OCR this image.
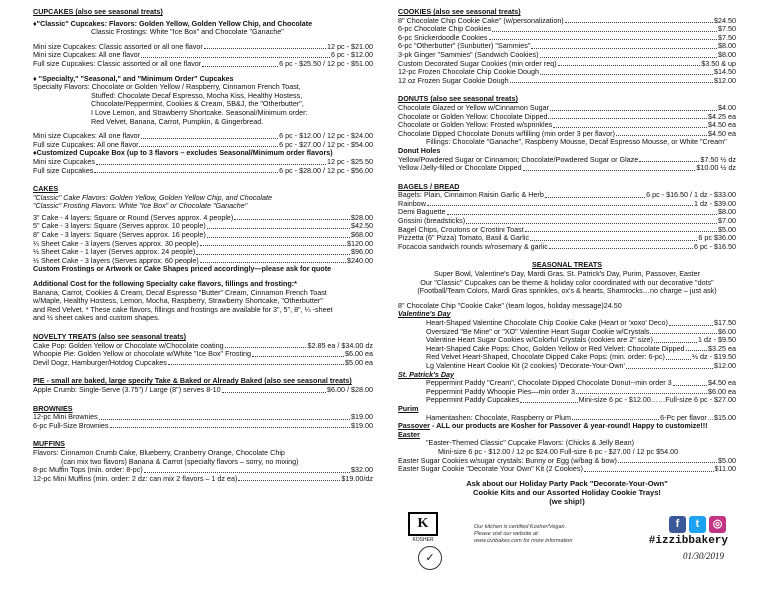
CUPCAKES (also see seasonal treats)
♦"Classic" Cupcakes: Flavors: Golden Yellow, Golden Yellow Chip, and Chocolate
Classic Frostings: White "Ice Box" and Chocolate "Ganache"
Mini size Cupcakes: Classic assorted or all one flavor	12 pc - $21.00
Mini size Cupcakes: All one flavor	6 pc - $12.00
Full size Cupcakes: Classic assorted or all one flavor	6 pc - $25.50 / 12 pc - $51.00
♦ "Specialty," "Seasonal," and "Minimum Order" Cupcakes
Specialty Flavors: Chocolate or Golden Yellow / Raspberry, Cinnamon French Toast,
Stuffed: Chocolate Decaf Espresso, Mocha Kiss, Healthy Hostess,
Chocolate/Peppermint, Cookies & Cream, SB&J, the "Otherbutter",
I Love Lemon, and Strawberry Shortcake. Seasonal/Minimum order:
Red Velvet, Banana, Carrot, Pumpkin, & Gingerbread.
Mini size Cupcakes: All one flavor	6 pc - $12.00 / 12 pc - $24.00
Full size Cupcakes: All one flavor	6 pc - $27.00 / 12 pc - $54.00
♦Customized Cupcake Box (up to 3 flavors – excludes Seasonal/Minimum order flavors)
Mini size Cupcakes	12 pc - $25.50
Full size Cupcakes	6 pc - $28.00 / 12 pc - $56.00
CAKES
"Classic" Cake Flavors: Golden Yellow, Golden Yellow Chip, and Chocolate
"Classic" Frosting Flavors: White "Ice Box" or Chocolate "Ganache"
3" Cake - 4 layers: Square or Round (Serves approx. 4 people)	$28.00
5" Cake - 3 layers: Square (Serves approx. 10 people)	$42.50
8" Cake - 3 layers: Square (Serves approx. 16 people)	$68.00
¼ Sheet Cake - 3 layers (Serves approx. 30 people)	$120.00
½ Sheet Cake - 1 layer (Serves approx. 24 people)	$96.00
½ Sheet Cake - 3 layers (Serves approx. 60 people)	$240.00
Custom Frostings or Artwork or Cake Shapes priced accordingly—please ask for quote
Additional Cost for the following Specialty cake flavors, fillings and frosting:*
Banana, Carrot, Cookies & Cream, Decaf Espresso "Butter" Cream, Cinnamon French Toast
w/Maple, Healthy Hostess, Lemon, Mocha, Raspberry, Strawberry Shortcake, "Otherbutter"
and Red Velvet. * These cake flavors, fillings and frostings are available for 3", 5", 8", ¼ -sheet
and ½ sheet cakes and custom shapes.
NOVELTY TREATS (also see seasonal treats)
Cake Pop: Golden Yellow or Chocolate w/Chocolate coating	$2.85 ea / $34.00 dz
Whoopie Pie: Golden Yellow or chocolate w/White "Ice Box" Frosting	$6.00 ea
Devil Dogz, Hamburger/Hotdog Cupcakes	$5.00 ea
PIE - small are baked, large specify Take & Baked or Already Baked (also see seasonal treats)
Apple Crumb: Single-Serve (3.75") / Large (8") serves 8-10	$6.00 / $28.00
BROWNIES
12-pc Mini Brownies	$19.00
6-pc Full-Size Brownies	$19.00
MUFFINS
Flavors: Cinnamon Crumb Cake, Blueberry, Cranberry Orange, Chocolate Chip
(can mix two flavors) Banana & Carrot (specialty flavors – sorry, no mixing)
8-pc Muffin Tops (min. order: 8-pc)	$32.00
12-pc Mini Muffins (min. order: 2 dz: can mix 2 flavors – 1 dz ea)	$19.00/dz
COOKIES (also see seasonal treats)
8" Chocolate Chip Cookie Cake" (w/personalization)	$24.50
6-pc Chocolate Chip Cookies	$7.50
6-pc Snickerdoodle Cookies	$7.50
6-pc "Otherbutter" (Sunbutter) "Sammies"	$8.00
3-pk Ginger "Sammies" (Sandwich Cookies)	$8.00
Custom Decorated Sugar Cookies (min order req)	$3.50 & up
12-pc Frozen Chocolate Chip Cookie Dough	$14.50
12 oz Frozen Sugar Cookie Dough	$12.00
DONUTS (also see seasonal treats)
Chocolate Glazed or Yellow w/Cinnamon Sugar	$4.00
Chocolate or Golden Yellow: Chocolate Dipped	$4.25 ea
Chocolate or Golden Yellow: Frosted w/sprinkles	$4.50 ea
Chocolate Dipped Chocolate Donuts w/filling (min order 3 per flavor)	$4.50 ea
Fillings: Chocolate "Ganache", Raspberry Mousse, Decaf Espresso Mousse, or White "Cream"
Donut Holes
Yellow/Powdered Sugar or Cinnamon; Chocolate/Powdered Sugar or Glaze	$7.50 ½ dz
Yellow /Jelly-filled or Chocolate Dipped	$10.00 ½ dz
BAGELS / BREAD
Bagels: Plain, Cinnamon Raisin Garlic & Herb	6 pc - $16.50 / 1 dz - $33.00
Rainbow	1 dz - $39.00
Demi Baguette	$8.00
Grissini (breadsticks)	$7.00
Bagel Chips, Croutons or Crostini Toast	$5.00
Pizzetta (6" Pizza) Tomato, Basil & Garlic	6 pc $36.00
Focaccia sandwich rounds w/rosemary & garlic	6 pc - $16.50
SEASONAL TREATS
Super Bowl, Valentine's Day, Mardi Gras, St. Patrick's Day, Purim, Passover, Easter
Our "Classic" Cupcakes can be theme & holiday color coordinated with our decorative "dots"
(Football/Team Colors, Mardi Gras sprinkles, ox's & hearts, Shamrocks…no charge – just ask)
8" Chocolate Chip "Cookie Cake" (team logos, holiday message)24.50
Valentine's Day
Heart-Shaped Valentine Chocolate Chip Cookie Cake (Heart or 'xoxo' Deco)	$17.50
Oversized "Be Mine" or "XO" Valentine Heart Sugar Cookie w/Crystals	$6.00
Valentine Heart Sugar Cookies w/Colorful Crystals (cookies are 2" size)	1 dz - $9.50
Heart-Shaped Cake Pops: Choc, Golden Yellow or Red Velvet: Chocolate Dipped	$3.25 ea
Red Velvet Heart-Shaped, Chocolate Dipped Cake Pops: (min. order: 6-pc)	½ dz - $19.50
Lg Valentine Heart Cookie Kit (2 cookies) 'Decorate-Your-Own'	$12.00
St. Patrick's Day
Peppermint Paddy "Cream", Chocolate Dipped Chocolate Donut--min order 3	$4.50 ea
Peppermint Paddy Whoopie Pies—min order 3	$6.00 ea
Peppermint Paddy Cupcakes	Mini-size 6 pc - $12.00……Full-size 6 pc - $27.00
Purim
Hamentashen: Chocolate, Raspberry or Plum	6-Pc per flavor…$15.00
Passover - ALL our products are Kosher for Passover & year-round! Happy to customize!!!
Easter
"Easter-Themed Classic" Cupcake Flavors: (Chicks & Jelly Bean)
Mini-size 6 pc - $12.00 / 12 pc $24.00 Full-size 6 pc - $27.00 / 12 pc $54.00
Easter Sugar Cookies w/sugar crystals: Bunny or Egg (w/bag & bow)	$5.00
Easter Sugar Cookie "Decorate Your Own" Kit (2 Cookies)	$11.00
Ask about our Holiday Party Pack "Decorate-Your-Own"
Cookie Kits and our Assorted Holiday Cookie Trays!
(we ship!)
K
KOSHER
✓
Our kitchen is certified Kosher/Vegan.
Please visit our website at:
www.izzibakes.com for more information
f	t	◎
#izzibbakery
01/30/2019
